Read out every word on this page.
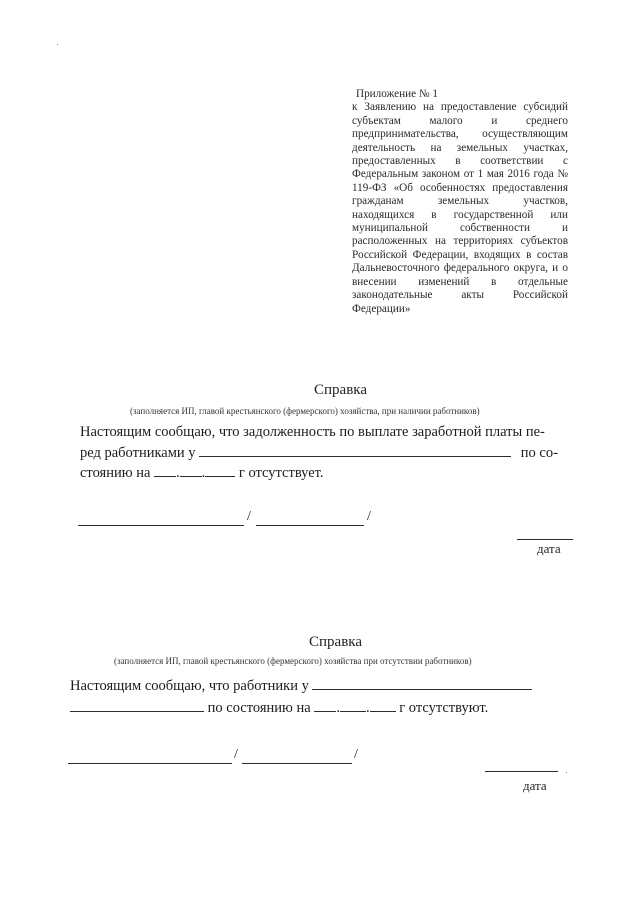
Приложение № 1
к Заявлению на предоставление субсидий субъектам малого и среднего предпринимательства, осуществляющим деятельность на земельных участках, предоставленных в соответствии с Федеральным законом от 1 мая 2016 года № 119-ФЗ «Об особенностях предоставления гражданам земельных участков, находящихся в государственной или муниципальной собственности и расположенных на территориях субъектов Российской Федерации, входящих в состав Дальневосточного федерального округа, и о внесении изменений в отдельные законодательные акты Российской Федерации»
Справка
(заполняется ИП, главой крестьянского (фермерского) хозяйства, при наличии работников)
Настоящим сообщаю, что задолженность по выплате заработной платы пе-
ред работниками у	по со-
стоянию на . . г отсутствует.
/	/
дата
Справка
(заполняется ИП, главой крестьянского (фермерского) хозяйства при отсутствии работников)
Настоящим сообщаю, что работники у
по состоянию на . . г отсутствуют.
/	/
дата
